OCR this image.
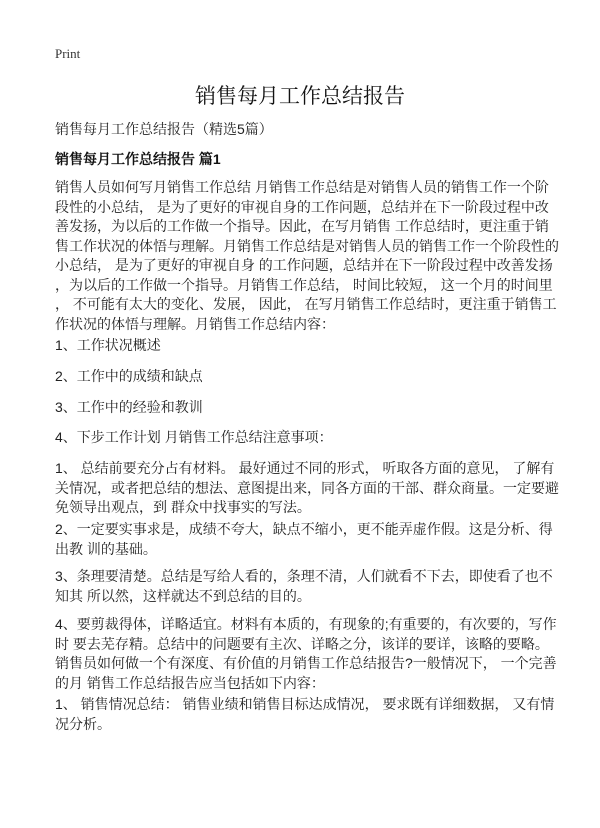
Print
销售每月工作总结报告
销售每月工作总结报告（精选5篇）
销售每月工作总结报告 篇1
销售人员如何写月销售工作总结 月销售工作总结是对销售人员的销售工作一个阶
段性的小总结， 是为了更好的审视自身的工作问题，总结并在下一阶段过程中改
善发扬，为以后的工作做一个指导。因此，在写月销售 工作总结时，更注重于销
售工作状况的体悟与理解。月销售工作总结是对销售人员的销售工作一个阶段性的
小总结， 是为了更好的审视自身 的工作问题，总结并在下一阶段过程中改善发扬
，为以后的工作做一个指导。月销售工作总结， 时间比较短， 这一个月的时间里
， 不可能有太大的变化、发展， 因此， 在写月销售工作总结时，更注重于销售工
作状况的体悟与理解。月销售工作总结内容：
1、工作状况概述
2、工作中的成绩和缺点
3、工作中的经验和教训
4、下步工作计划 月销售工作总结注意事项：
1、 总结前要充分占有材料。 最好通过不同的形式， 听取各方面的意见， 了解有
关情况，或者把总结的想法、意图提出来，同各方面的干部、群众商量。一定要避
免领导出观点，到 群众中找事实的写法。
2、一定要实事求是，成绩不夸大，缺点不缩小，更不能弄虚作假。这是分析、得
出教 训的基础。
3、条理要清楚。总结是写给人看的，条理不清，人们就看不下去，即使看了也不
知其 所以然，这样就达不到总结的目的。
4、要剪裁得体，详略适宜。材料有本质的，有现象的;有重要的，有次要的，写作
时 要去芜存精。总结中的问题要有主次、详略之分，该详的要详，该略的要略。
销售员如何做一个有深度、有价值的月销售工作总结报告?一般情况下， 一个完善
的月 销售工作总结报告应当包括如下内容：
1、 销售情况总结： 销售业绩和销售目标达成情况， 要求既有详细数据， 又有情
况分析。
